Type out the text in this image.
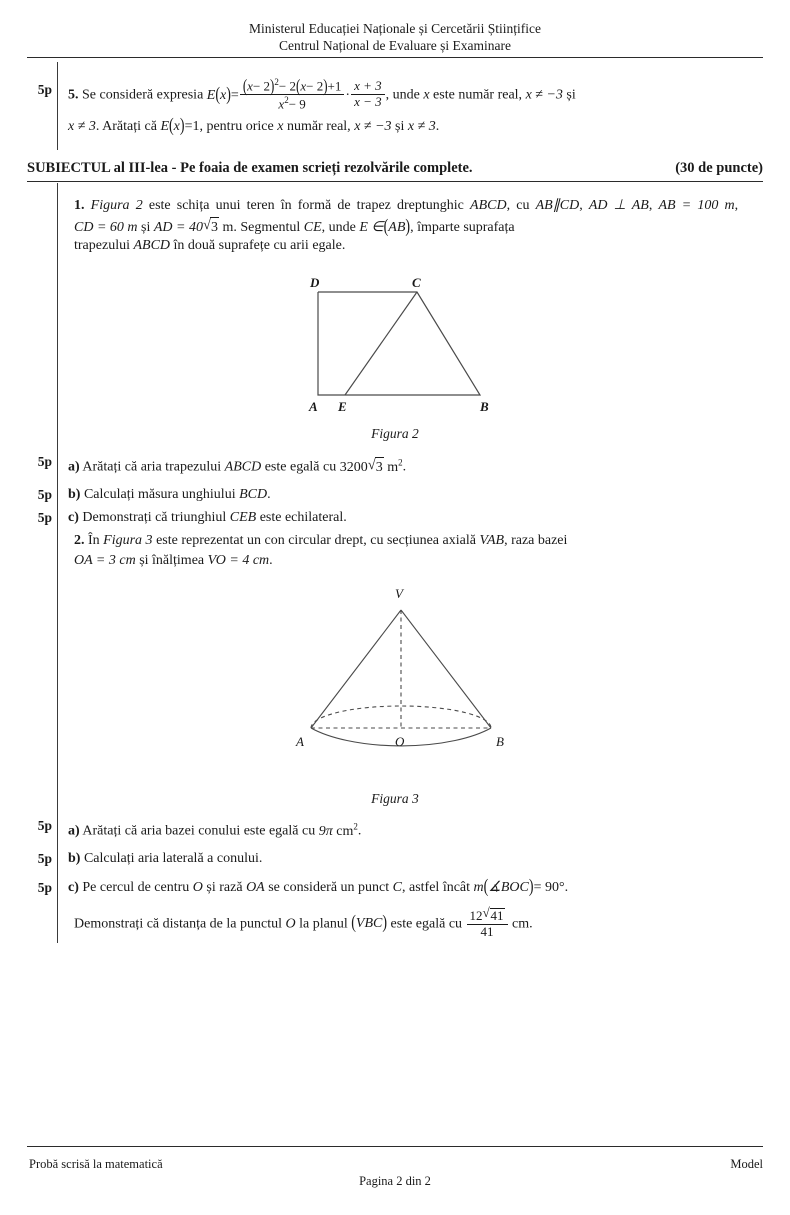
Ministerul Educației Naționale și Cercetării Științifice
Centrul Național de Evaluare și Examinare
5p 5. Se consideră expresia $E(x)= \frac{(x- 2)^2- 2(x- 2)+1}{x^2- 9} \cdot \frac{x + 3}{x - 3}$ , unde x este număr real, x ≠ −3 și
x ≠ 3. Arătați că E(x)=1, pentru orice x număr real, x ≠ −3 și x ≠ 3.
(30 de puncte)
SUBIECTUL al III-lea - Pe foaia de examen scrieți rezolvările complete.
1. Figura 2 este schița unui teren în formă de trapez dreptunghic ABCD, cu AB∥CD, AD ⊥ AB, AB = 100 m, CD = 60 m și AD = 40 √ 3 m. Segmentul CE, unde E ∈(AB), împarte suprafața
trapezului ABCD în două suprafețe cu arii egale.
D	C
A E	B
Figura 2
5p a) Arătați că aria trapezului ABCD este egală cu 3200 √ 3 $m^2$.
5p b) Calculați măsura unghiului BCD.
5p c) Demonstrați că triunghiul CEB este echilateral.
2. În Figura 3 este reprezentat un con circular drept, cu secțiunea axială VAB, raza bazei
OA = 3 cm și înălțimea VO = 4 cm.
V
A	O	B
Figura 3
5p a) Arătați că aria bazei conului este egală cu 9π $cm^2$.
5p b) Calculați aria laterală a conului.
5p c) Pe cercul de centru O și rază OA se consideră un punct C, astfel încât m(∡BOC)= 90°.
Demonstrați că distanța de la punctul O la planul (VBC) este egală cu $\frac{12 √ 41}{41}$ cm.
Probă scrisă la matematică	Model
Pagina 2 din 2
